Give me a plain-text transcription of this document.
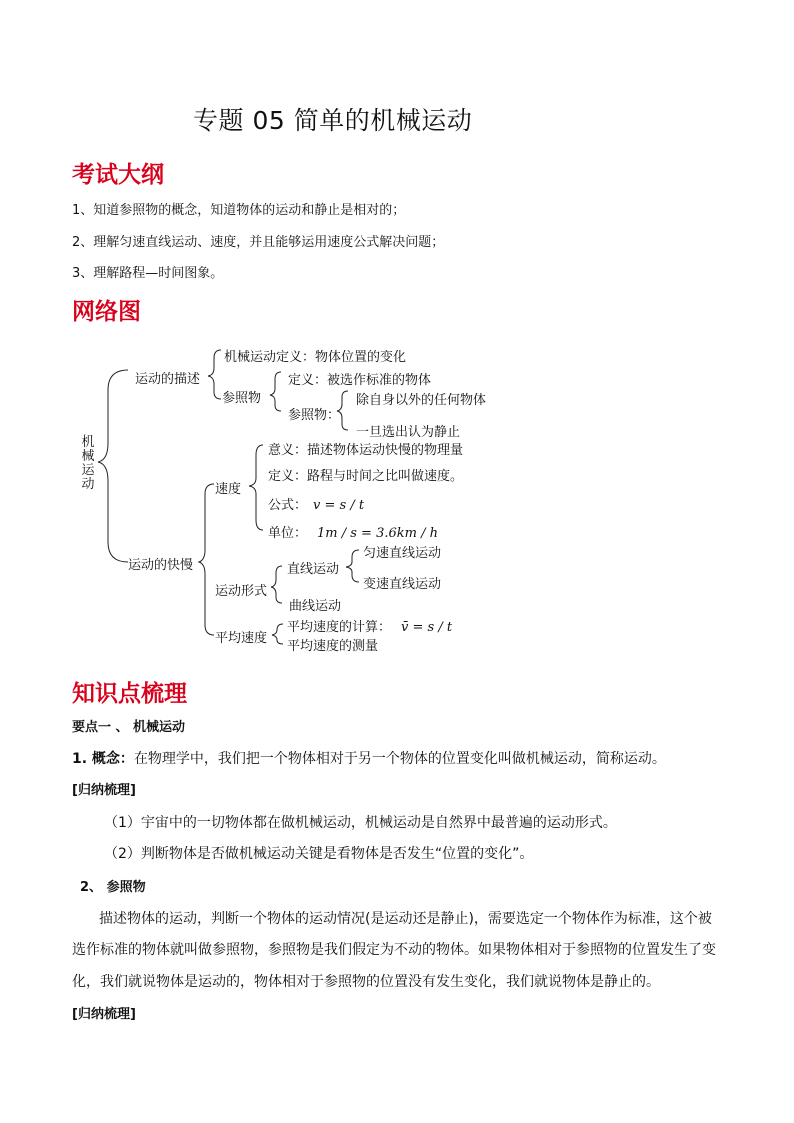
专题 05 简单的机械运动
考试大纲
1、知道参照物的概念，知道物体的运动和静止是相对的；
2、理解匀速直线运动、速度，并且能够运用速度公式解决问题；
3、理解路程—时间图象。
网络图
机
械
运
动
运动的描述
机械运动定义：物体位置的变化
参照物
定义：被选作标准的物体
参照物：
除自身以外的任何物体
一旦选出认为静止
运动的快慢
速度
意义：描述物体运动快慢的物理量
定义：路程与时间之比叫做速度。
公式： v = s / t
单位： 1m / s = 3.6km / h
运动形式
直线运动
匀速直线运动
变速直线运动
曲线运动
平均速度
平均速度的计算： v̄ = s / t
平均速度的测量
知识点梳理
要点一 、 机械运动
1. 概念：在物理学中，我们把一个物体相对于另一个物体的位置变化叫做机械运动，简称运动。
[归纳梳理]
（1）宇宙中的一切物体都在做机械运动，机械运动是自然界中最普遍的运动形式。
（2）判断物体是否做机械运动关键是看物体是否发生“位置的变化”。
2、 参照物
描述物体的运动，判断一个物体的运动情况(是运动还是静止)，需要选定一个物体作为标准，这个被
选作标准的物体就叫做参照物，参照物是我们假定为不动的物体。如果物体相对于参照物的位置发生了变
化，我们就说物体是运动的，物体相对于参照物的位置没有发生变化，我们就说物体是静止的。
[归纳梳理]
